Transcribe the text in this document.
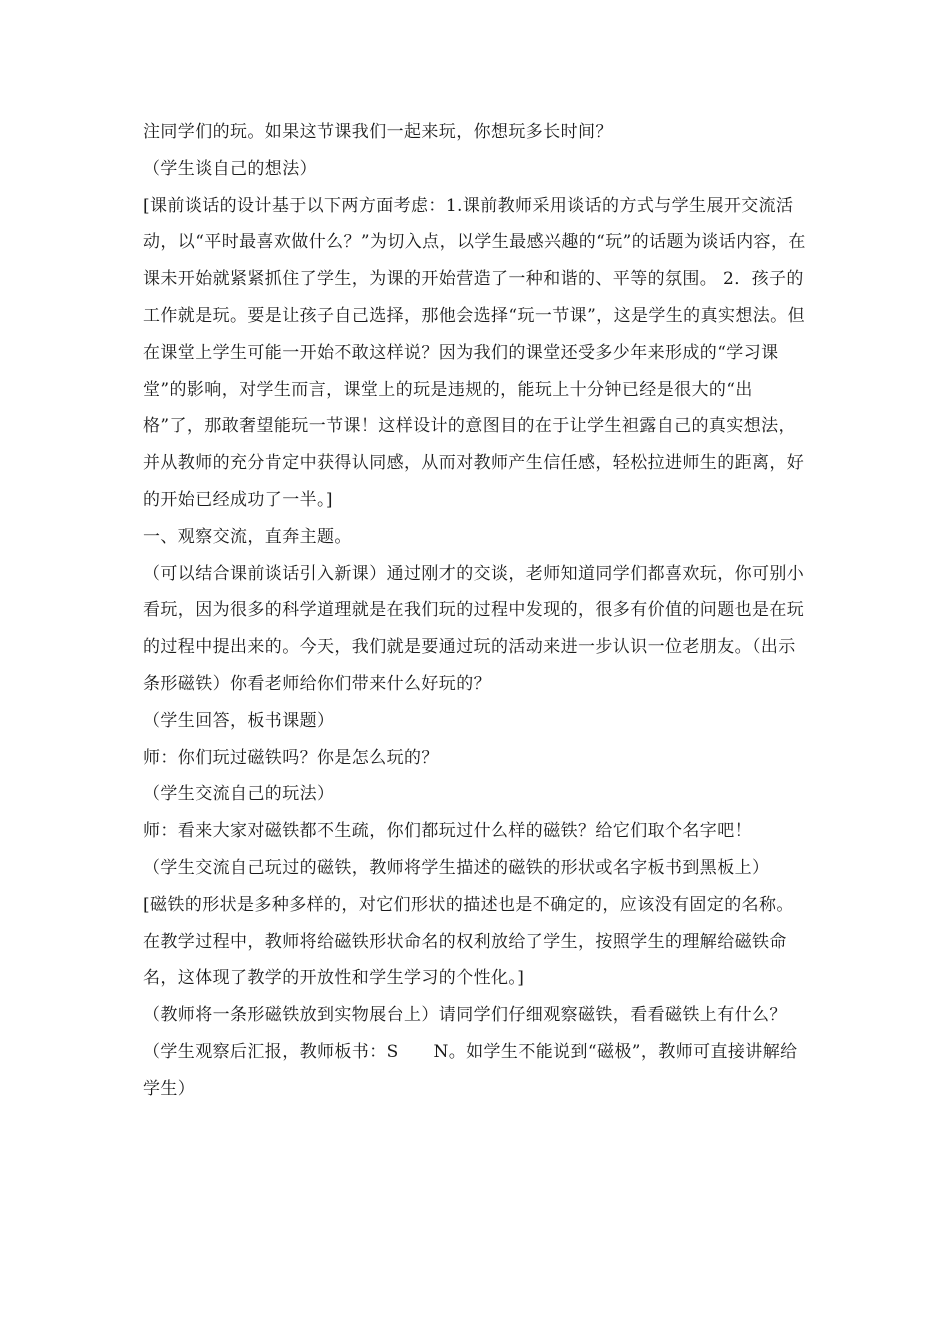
注同学们的玩。如果这节课我们一起来玩，你想玩多长时间？

（学生谈自己的想法）

[课前谈话的设计基于以下两方面考虑：1.课前教师采用谈话的方式与学生展开交流活动，以“平时最喜欢做什么？”为切入点，以学生最感兴趣的“玩”的话题为谈话内容，在课未开始就紧紧抓住了学生，为课的开始营造了一种和谐的、平等的氛围。 2．孩子的工作就是玩。要是让孩子自己选择，那他会选择“玩一节课”，这是学生的真实想法。但在课堂上学生可能一开始不敢这样说？因为我们的课堂还受多少年来形成的“学习课堂”的影响，对学生而言，课堂上的玩是违规的，能玩上十分钟已经是很大的“出格”了，那敢奢望能玩一节课！这样设计的意图目的在于让学生袒露自己的真实想法，并从教师的充分肯定中获得认同感，从而对教师产生信任感，轻松拉进师生的距离，好的开始已经成功了一半。]

一、观察交流，直奔主题。

（可以结合课前谈话引入新课）通过刚才的交谈，老师知道同学们都喜欢玩，你可别小看玩，因为很多的科学道理就是在我们玩的过程中发现的，很多有价值的问题也是在玩的过程中提出来的。今天，我们就是要通过玩的活动来进一步认识一位老朋友。（出示条形磁铁）你看老师给你们带来什么好玩的？

（学生回答，板书课题）

师：你们玩过磁铁吗？你是怎么玩的？

（学生交流自己的玩法）

师：看来大家对磁铁都不生疏，你们都玩过什么样的磁铁？给它们取个名字吧！

（学生交流自己玩过的磁铁，教师将学生描述的磁铁的形状或名字板书到黑板上）

[磁铁的形状是多种多样的，对它们形状的描述也是不确定的，应该没有固定的名称。在教学过程中，教师将给磁铁形状命名的权利放给了学生，按照学生的理解给磁铁命名，这体现了教学的开放性和学生学习的个性化。]

（教师将一条形磁铁放到实物展台上）请同学们仔细观察磁铁，看看磁铁上有什么？

（学生观察后汇报，教师板书：S　　N。如学生不能说到“磁极”，教师可直接讲解给学生）
